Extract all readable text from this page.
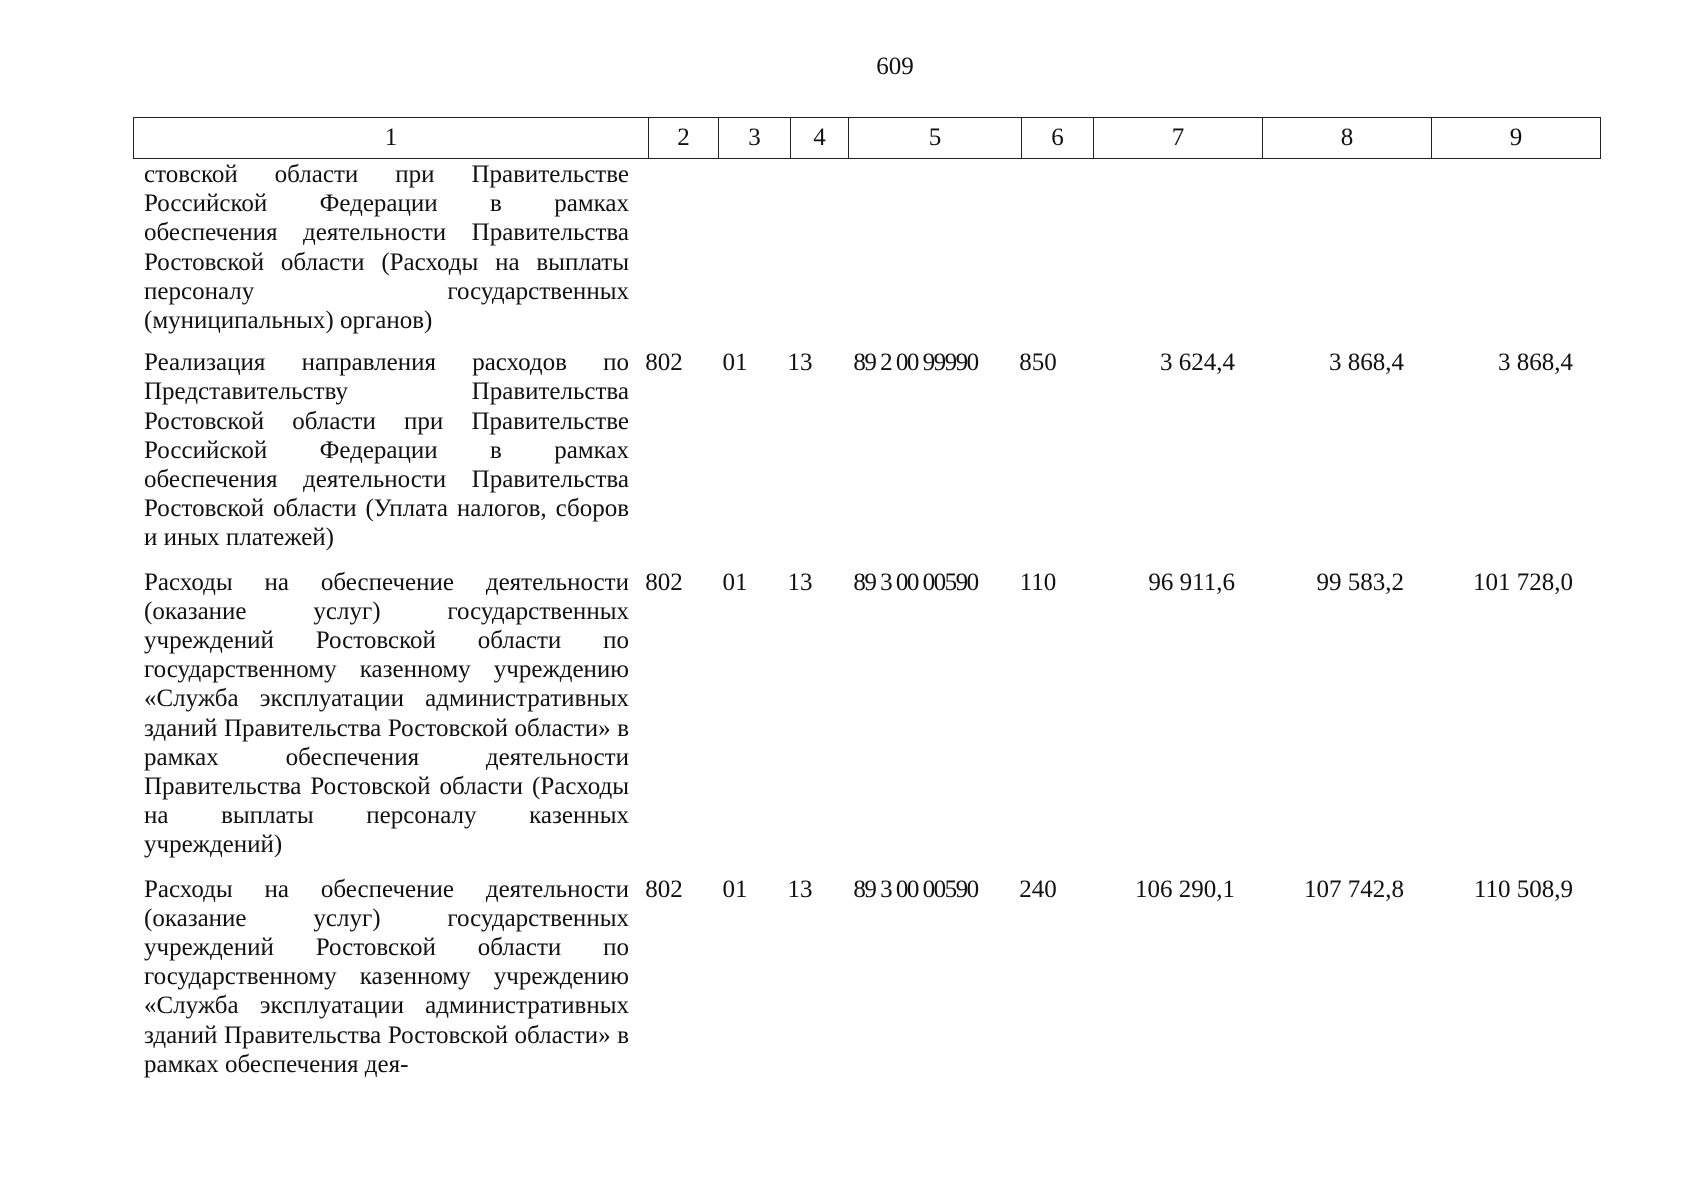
609
1	2	3	4	5	6	7	8	9
стовской области при Правительстве Российской Федерации в рамках обеспечения деятельности Правительства Ростовской области (Расходы на выплаты персоналу государственных (муниципальных) органов)
Реализация направления расходов по Представительству Правительства Ростовской области при Правительстве Российской Федерации в рамках обеспечения деятельности Правительства Ростовской области (Уплата налогов, сборов и иных платежей)
802	01	13	89 2 00 99990	850	3 624,4	3 868,4	3 868,4
Расходы на обеспечение деятельности (оказание услуг) государственных учреждений Ростовской области по государственному казенному учреждению «Служба эксплуатации административных зданий Правительства Ростовской области» в рамках обеспечения деятельности Правительства Ростовской области (Расходы на выплаты персоналу казенных учреждений)
802	01	13	89 3 00 00590	110	96 911,6	99 583,2	101 728,0
Расходы на обеспечение деятельности (оказание услуг) государственных учреждений Ростовской области по государственному казенному учреждению «Служба эксплуатации административных зданий Правительства Ростовской области» в рамках обеспечения дея-
802	01	13	89 3 00 00590	240	106 290,1	107 742,8	110 508,9
